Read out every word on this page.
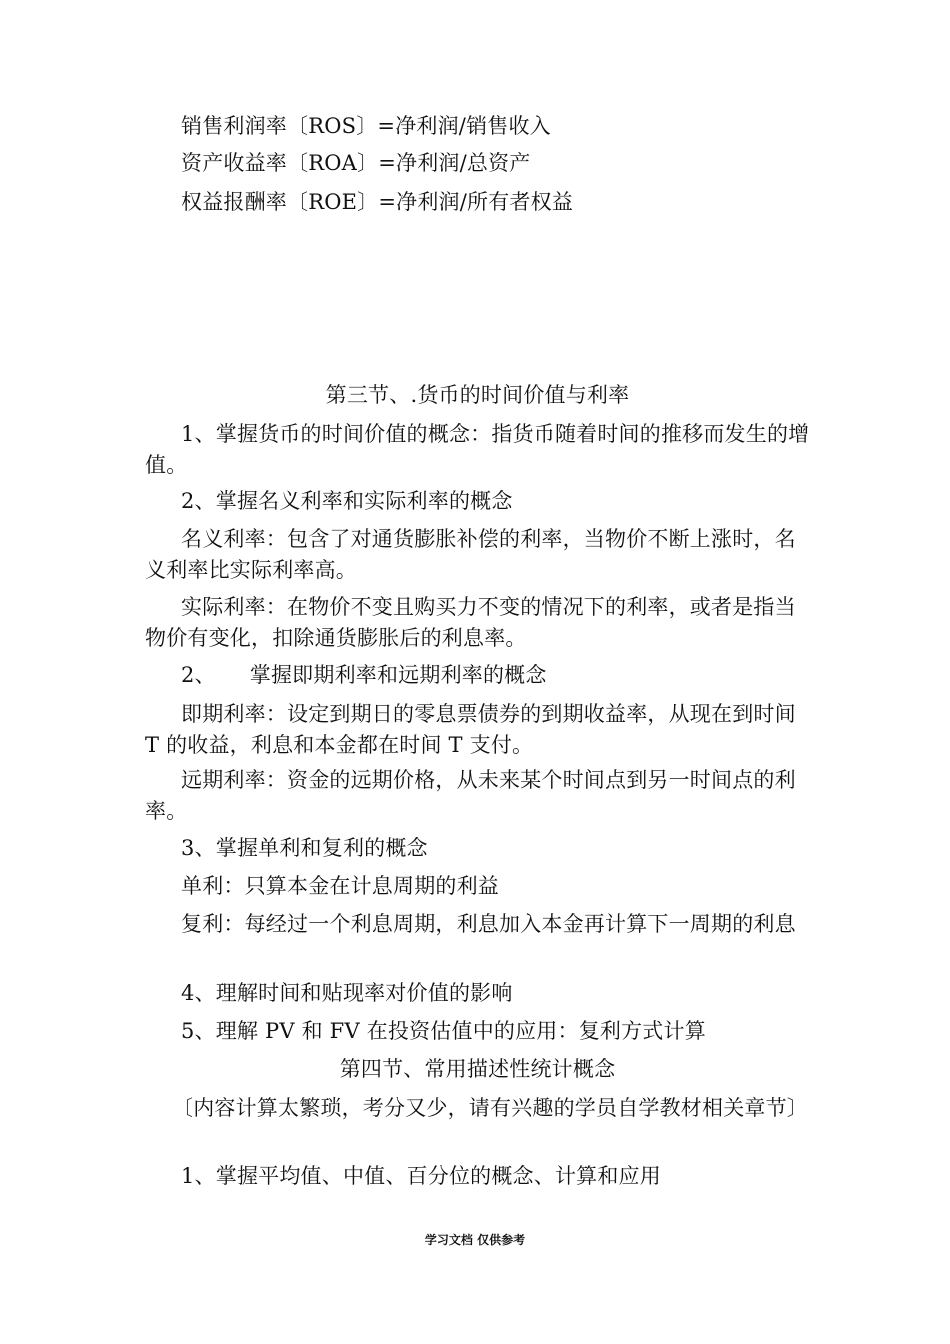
销售利润率〔ROS〕=净利润/销售收入
资产收益率〔ROA〕=净利润/总资产
权益报酬率〔ROE〕=净利润/所有者权益
第三节、.货币的时间价值与利率
1、掌握货币的时间价值的概念：指货币随着时间的推移而发生的增值。
2、掌握名义利率和实际利率的概念
名义利率：包含了对通货膨胀补偿的利率，当物价不断上涨时，名义利率比实际利率高。
实际利率：在物价不变且购买力不变的情况下的利率，或者是指当物价有变化，扣除通货膨胀后的利息率。
2、 掌握即期利率和远期利率的概念
即期利率：设定到期日的零息票债券的到期收益率，从现在到时间 T 的收益，利息和本金都在时间 T 支付。
远期利率：资金的远期价格，从未来某个时间点到另一时间点的利率。
3、掌握单利和复利的概念
单利：只算本金在计息周期的利益
复利：每经过一个利息周期，利息加入本金再计算下一周期的利息
4、理解时间和贴现率对价值的影响
5、理解 PV 和 FV 在投资估值中的应用：复利方式计算
第四节、常用描述性统计概念
〔内容计算太繁琐，考分又少，请有兴趣的学员自学教材相关章节〕
1、掌握平均值、中值、百分位的概念、计算和应用
学习文档 仅供参考
